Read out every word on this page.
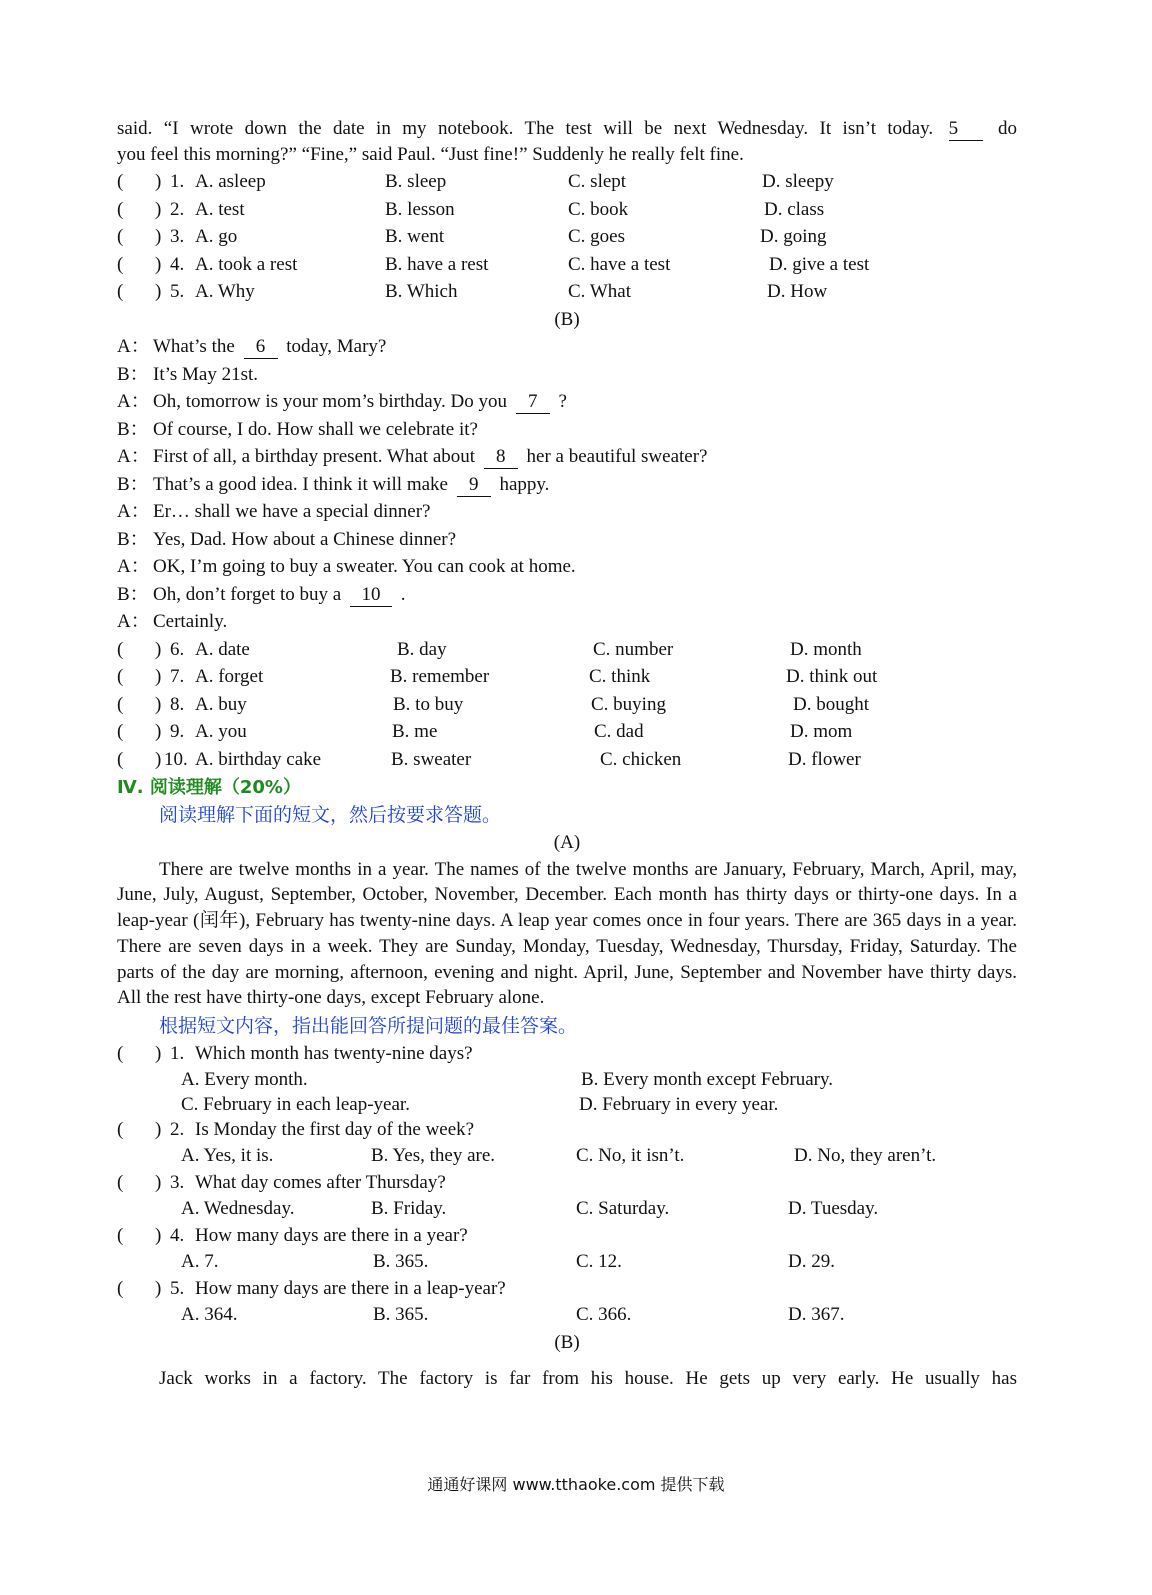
said. “I wrote down the date in my notebook. The test will be next Wednesday. It isn’t today. 5 do

you feel this morning?” “Fine,” said Paul. “Just fine!” Suddenly he really felt fine.

( ) 1. A. asleep	B. sleep	C. slept	D. sleepy
( ) 2. A. test	B. lesson	C. book	D. class
( ) 3. A. go	B. went	C. goes	D. going
( ) 4. A. took a rest	B. have a rest	C. have a test	D. give a test
( ) 5. A. Why	B. Which	C. What	D. How
(B)
A： What’s the 6 today, Mary?
B： It’s May 21st.
A： Oh, tomorrow is your mom’s birthday. Do you 7 ?
B： Of course, I do. How shall we celebrate it?
A： First of all, a birthday present. What about 8 her a beautiful sweater?
B： That’s a good idea. I think it will make 9 happy.
A： Er… shall we have a special dinner?
B： Yes, Dad. How about a Chinese dinner?
A： OK, I’m going to buy a sweater. You can cook at home.
B： Oh, don’t forget to buy a 10 .
A： Certainly.
( ) 6. A. date	B. day	C. number	D. month
( ) 7. A. forget	B. remember	C. think	D. think out
( ) 8. A. buy	B. to buy	C. buying	D. bought
( ) 9. A. you	B. me	C. dad	D. mom
( ) 10. A. birthday cake	B. sweater	C. chicken	D. flower
Ⅳ. 阅读理解（20%）
阅读理解下面的短文，然后按要求答题。
(A)

There are twelve months in a year. The names of the twelve months are January, February, March, April, may, June, July, August, September, October, November, December. Each month has thirty days or thirty-one days. In a leap-year (闰年), February has twenty-nine days. A leap year comes once in four years. There are 365 days in a year. There are seven days in a week. They are Sunday, Monday, Tuesday, Wednesday, Thursday, Friday, Saturday. The parts of the day are morning, afternoon, evening and night. April, June, September and November have thirty days. All the rest have thirty-one days, except February alone.

根据短文内容，指出能回答所提问题的最佳答案。
( ) 1. Which month has twenty-nine days?
A. Every month.	B. Every month except February.
C. February in each leap-year.	D. February in every year.
( ) 2. Is Monday the first day of the week?
A. Yes, it is.	B. Yes, they are.	C. No, it isn’t.	D. No, they aren’t.
( ) 3. What day comes after Thursday?
A. Wednesday.	B. Friday.	C. Saturday.	D. Tuesday.
( ) 4. How many days are there in a year?
A. 7.	B. 365.	C. 12.	D. 29.
( ) 5. How many days are there in a leap-year?
A. 364.	B. 365.	C. 366.	D. 367.
(B)

Jack works in a factory. The factory is far from his house. He gets up very early. He usually has

通通好课网 www.tthaoke.com 提供下载
